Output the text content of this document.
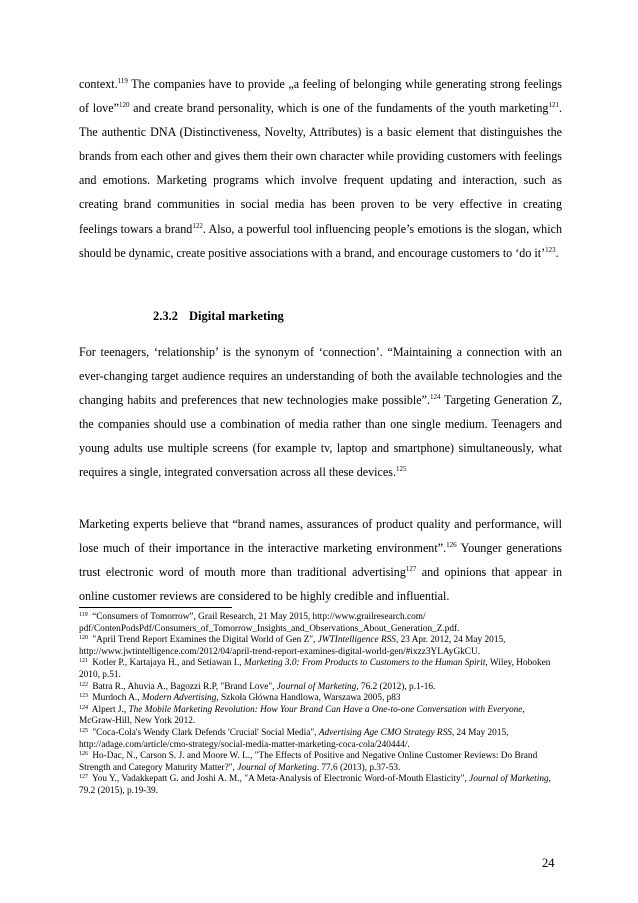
context.$^{119}$ The companies have to provide „a feeling of belonging while generating strong feelings of love”$^{120}$ and create brand personality, which is one of the fundaments of the youth marketing$^{121}$. The authentic DNA (Distinctiveness, Novelty, Attributes) is a basic element that distinguishes the brands from each other and gives them their own character while providing customers with feelings and emotions. Marketing programs which involve frequent updating and interaction, such as creating brand communities in social media has been proven to be very effective in creating feelings towars a brand$^{122}$. Also, a powerful tool influencing people’s emotions is the slogan, which should be dynamic, create positive associations with a brand, and encourage customers to ‘do it’$^{123}$.

2.3.2 Digital marketing

For teenagers, ‘relationship’ is the synonym of ‘connection’. “Maintaining a connection with an ever-changing target audience requires an understanding of both the available technologies and the changing habits and preferences that new technologies make possible”.$^{124}$ Targeting Generation Z, the companies should use a combination of media rather than one single medium. Teenagers and young adults use multiple screens (for example tv, laptop and smartphone) simultaneously, what requires a single, integrated conversation across all these devices.$^{125}$

Marketing experts believe that “brand names, assurances of product quality and performance, will lose much of their importance in the interactive marketing environment”.$^{126}$ Younger generations trust electronic word of mouth more than traditional advertising$^{127}$ and opinions that appear in online customer reviews are considered to be highly credible and influential.

$^{119}$ “Consumers of Tomorrow”, Grail Research, 21 May 2015, http://www.grailresearch.com/ pdf/ContenPodsPdf/Consumers_of_Tomorrow_Insights_and_Observations_About_Generation_Z.pdf.
$^{120}$ "April Trend Report Examines the Digital World of Gen Z", JWTIntelligence RSS, 23 Apr. 2012, 24 May 2015, http://www.jwtintelligence.com/2012/04/april-trend-report-examines-digital-world-gen/#ixzz3YLAyGkCU.
$^{121}$ Kotler P., Kartajaya H., and Setiawan I., Marketing 3.0: From Products to Customers to the Human Spirit, Wiley, Hoboken 2010, p.51.
$^{122}$ Batra R., Ahuvia A., Bagozzi R.P, "Brand Love", Journal of Marketing, 76.2 (2012), p.1-16.
$^{123}$ Murdoch A., Modern Advertising, Szkoła Główna Handlowa, Warszawa 2005, p83
$^{124}$ Alpert J., The Mobile Marketing Revolution: How Your Brand Can Have a One-to-one Conversation with Everyone, McGraw-Hill, New York 2012.
$^{125}$ "Coca-Cola's Wendy Clark Defends 'Crucial' Social Media", Advertising Age CMO Strategy RSS, 24 May 2015, http://adage.com/article/cmo-strategy/social-media-matter-marketing-coca-cola/240444/.
$^{126}$ Ho-Dac, N., Carson S. J. and Moore W. L., "The Effects of Positive and Negative Online Customer Reviews: Do Brand Strength and Category Maturity Matter?", Journal of Marketing. 77.6 (2013), p.37-53.
$^{127}$ You Y., Vadakkepatt G. and Joshi A. M., "A Meta-Analysis of Electronic Word-of-Mouth Elasticity", Journal of Marketing, 79.2 (2015), p.19-39.
24
